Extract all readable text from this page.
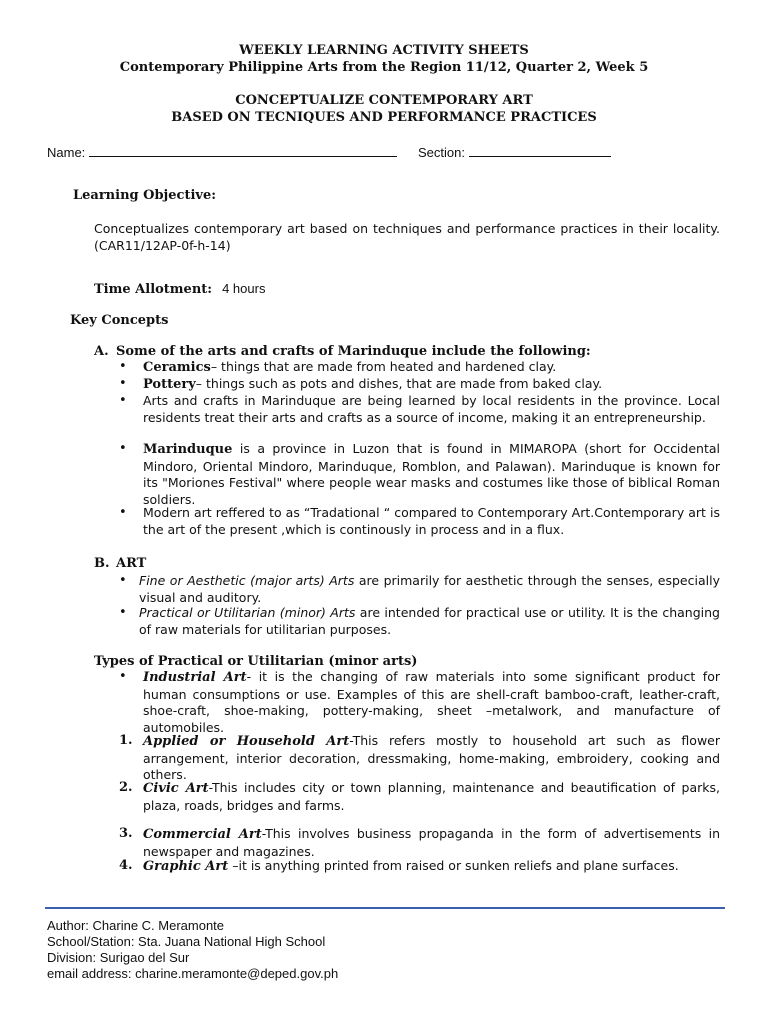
WEEKLY LEARNING ACTIVITY SHEETS
Contemporary Philippine Arts from the Region 11/12, Quarter 2, Week 5
CONCEPTUALIZE CONTEMPORARY ART
BASED ON TECNIQUES AND PERFORMANCE PRACTICES
Name:	Section:
Learning Objective:
Conceptualizes contemporary art based on techniques and performance practices in their locality. (CAR11/12AP-0f-h-14)
Time Allotment: 4 hours
Key Concepts
A. Some of the arts and crafts of Marinduque include the following:
• Ceramics– things that are made from heated and hardened clay.
• Pottery– things such as pots and dishes, that are made from baked clay.
• Arts and crafts in Marinduque are being learned by local residents in the province. Local residents treat their arts and crafts as a source of income, making it an entrepreneurship.
• Marinduque is a province in Luzon that is found in MIMAROPA (short for Occidental Mindoro, Oriental Mindoro, Marinduque, Romblon, and Palawan). Marinduque is known for its "Moriones Festival" where people wear masks and costumes like those of biblical Roman soldiers.
• Modern art reffered to as “Tradational “ compared to Contemporary Art.Contemporary art is the art of the present ,which is continously in process and in a flux.
B. ART
• Fine or Aesthetic (major arts) Arts are primarily for aesthetic through the senses, especially visual and auditory.
• Practical or Utilitarian (minor) Arts are intended for practical use or utility. It is the changing of raw materials for utilitarian purposes.
Types of Practical or Utilitarian (minor arts)
• Industrial Art- it is the changing of raw materials into some significant product for human consumptions or use. Examples of this are shell-craft bamboo-craft, leather-craft, shoe-craft, shoe-making, pottery-making, sheet –metalwork, and manufacture of automobiles.
1. Applied or Household Art-This refers mostly to household art such as flower arrangement, interior decoration, dressmaking, home-making, embroidery, cooking and others.
2. Civic Art-This includes city or town planning, maintenance and beautification of parks, plaza, roads, bridges and farms.
3. Commercial Art-This involves business propaganda in the form of advertisements in newspaper and magazines.
4. Graphic Art –it is anything printed from raised or sunken reliefs and plane surfaces.
Author: Charine C. Meramonte
School/Station: Sta. Juana National High School
Division: Surigao del Sur
email address: charine.meramonte@deped.gov.ph
